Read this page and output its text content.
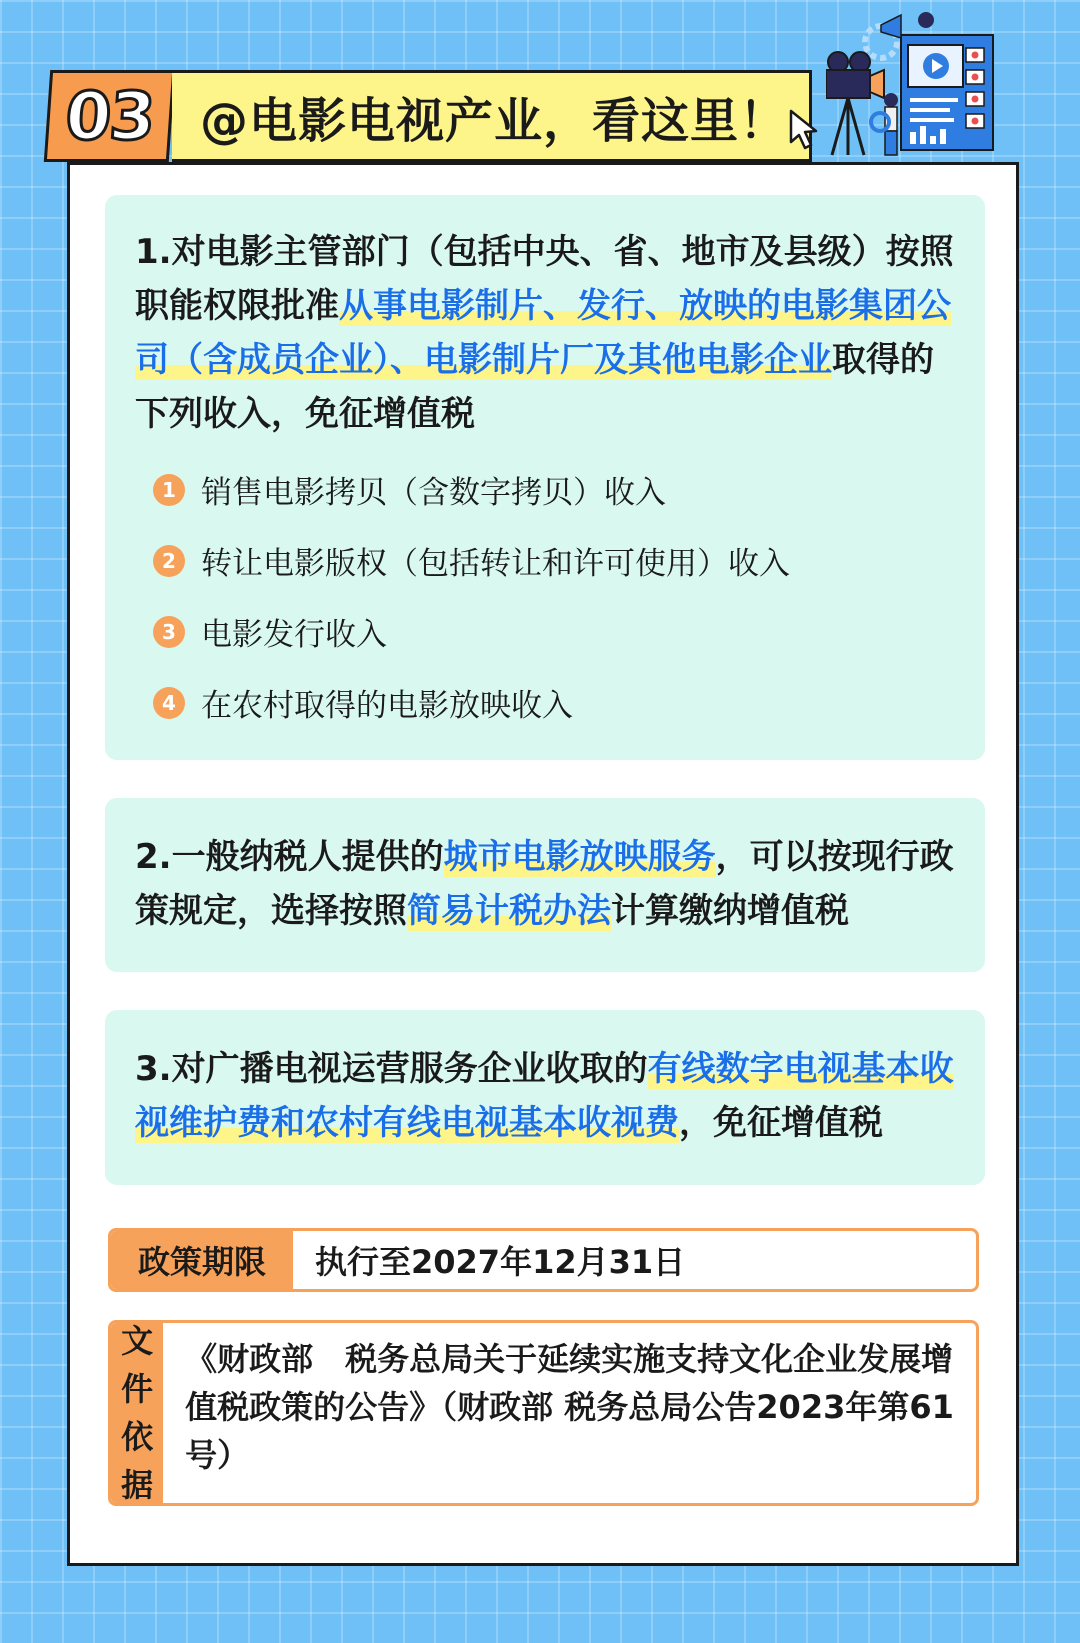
03 @电影电视产业，看这里！
1.对电影主管部门（包括中央、省、地市及县级）按照职能权限批准从事电影制片、发行、放映的电影集团公司（含成员企业）、电影制片厂及其他电影企业取得的下列收入，免征增值税
1 销售电影拷贝（含数字拷贝）收入
2 转让电影版权（包括转让和许可使用）收入
3 电影发行收入
4 在农村取得的电影放映收入
2.一般纳税人提供的城市电影放映服务，可以按现行政策规定，选择按照简易计税办法计算缴纳增值税
3.对广播电视运营服务企业收取的有线数字电视基本收视维护费和农村有线电视基本收视费，免征增值税
政策期限	执行至2027年12月31日
文件
依据
《财政部　税务总局关于延续实施支持文化企业发展增值税政策的公告》（财政部 税务总局公告2023年第61号）
